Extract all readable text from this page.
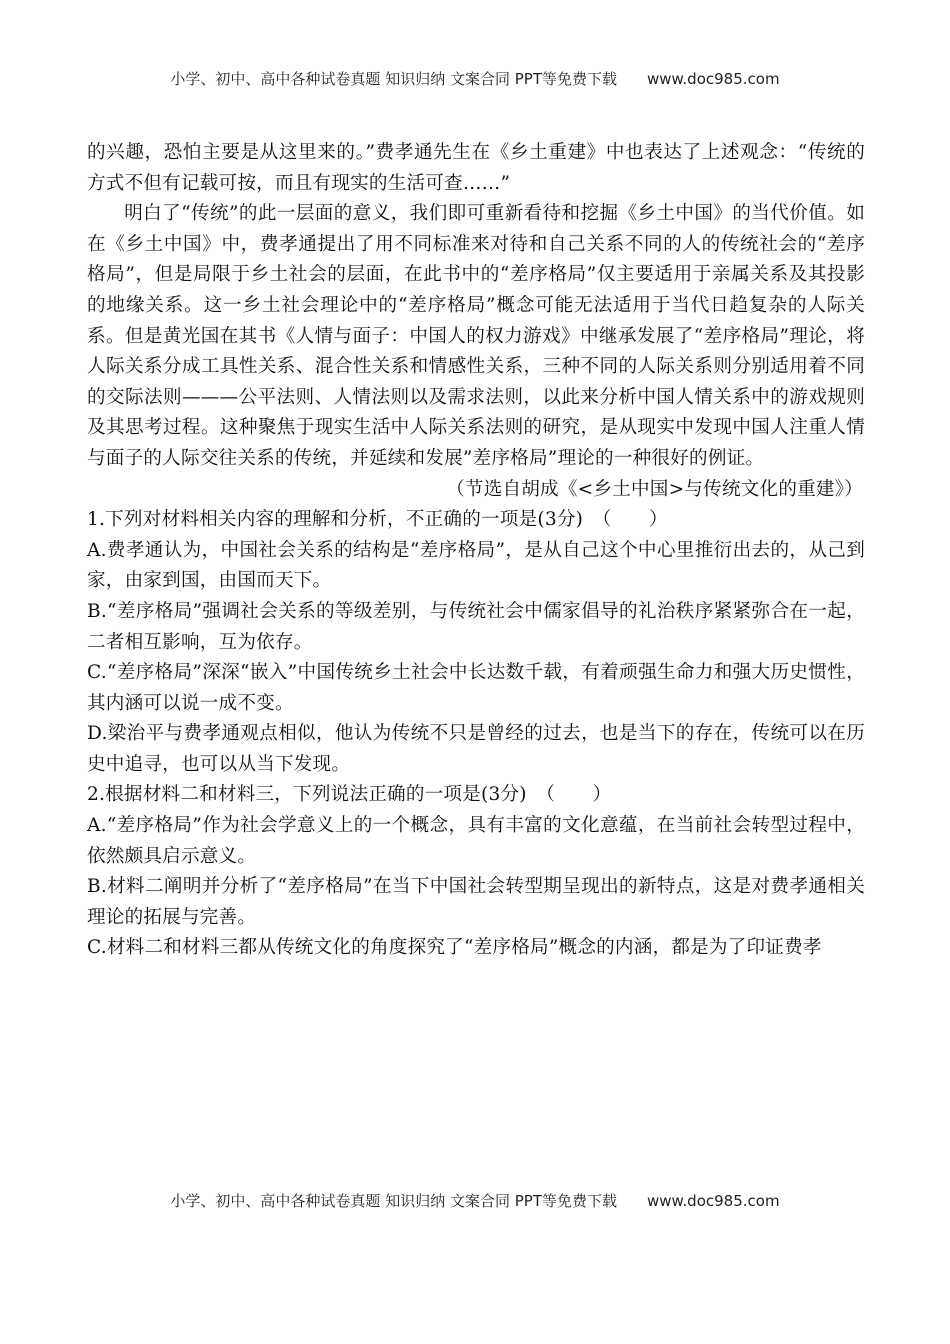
小学、初中、高中各种试卷真题 知识归纳 文案合同 PPT等免费下载 www.doc985.com

的兴趣，恐怕主要是从这里来的。”费孝通先生在《乡土重建》中也表达了上述观念：“传统的方式不但有记载可按，而且有现实的生活可查……”

明白了“传统”的此一层面的意义，我们即可重新看待和挖掘《乡土中国》的当代价值。如在《乡土中国》中，费孝通提出了用不同标准来对待和自己关系不同的人的传统社会的“差序格局”，但是局限于乡土社会的层面，在此书中的“差序格局”仅主要适用于亲属关系及其投影的地缘关系。这一乡土社会理论中的“差序格局”概念可能无法适用于当代日趋复杂的人际关系。但是黄光国在其书《人情与面子：中国人的权力游戏》中继承发展了“差序格局”理论，将人际关系分成工具性关系、混合性关系和情感性关系，三种不同的人际关系则分别适用着不同的交际法则———公平法则、人情法则以及需求法则，以此来分析中国人情关系中的游戏规则及其思考过程。这种聚焦于现实生活中人际关系法则的研究，是从现实中发现中国人注重人情与面子的人际交往关系的传统，并延续和发展”差序格局”理论的一种很好的例证。

（节选自胡成《<乡土中国>与传统文化的重建》）

1.下列对材料相关内容的理解和分析，不正确的一项是(3分)　（　　）

A.费孝通认为，中国社会关系的结构是“差序格局”，是从自己这个中心里推衍出去的，从己到家，由家到国，由国而天下。

B.“差序格局”强调社会关系的等级差别，与传统社会中儒家倡导的礼治秩序紧紧弥合在一起，二者相互影响，互为依存。

C.“差序格局”深深“嵌入”中国传统乡土社会中长达数千载，有着顽强生命力和强大历史惯性，其内涵可以说一成不变。

D.梁治平与费孝通观点相似，他认为传统不只是曾经的过去，也是当下的存在，传统可以在历史中追寻，也可以从当下发现。

2.根据材料二和材料三，下列说法正确的一项是(3分)　（　　）

A.“差序格局”作为社会学意义上的一个概念，具有丰富的文化意蕴，在当前社会转型过程中，依然颇具启示意义。

B.材料二阐明并分析了“差序格局”在当下中国社会转型期呈现出的新特点，这是对费孝通相关理论的拓展与完善。

C.材料二和材料三都从传统文化的角度探究了“差序格局”概念的内涵，都是为了印证费孝

小学、初中、高中各种试卷真题 知识归纳 文案合同 PPT等免费下载 www.doc985.com
